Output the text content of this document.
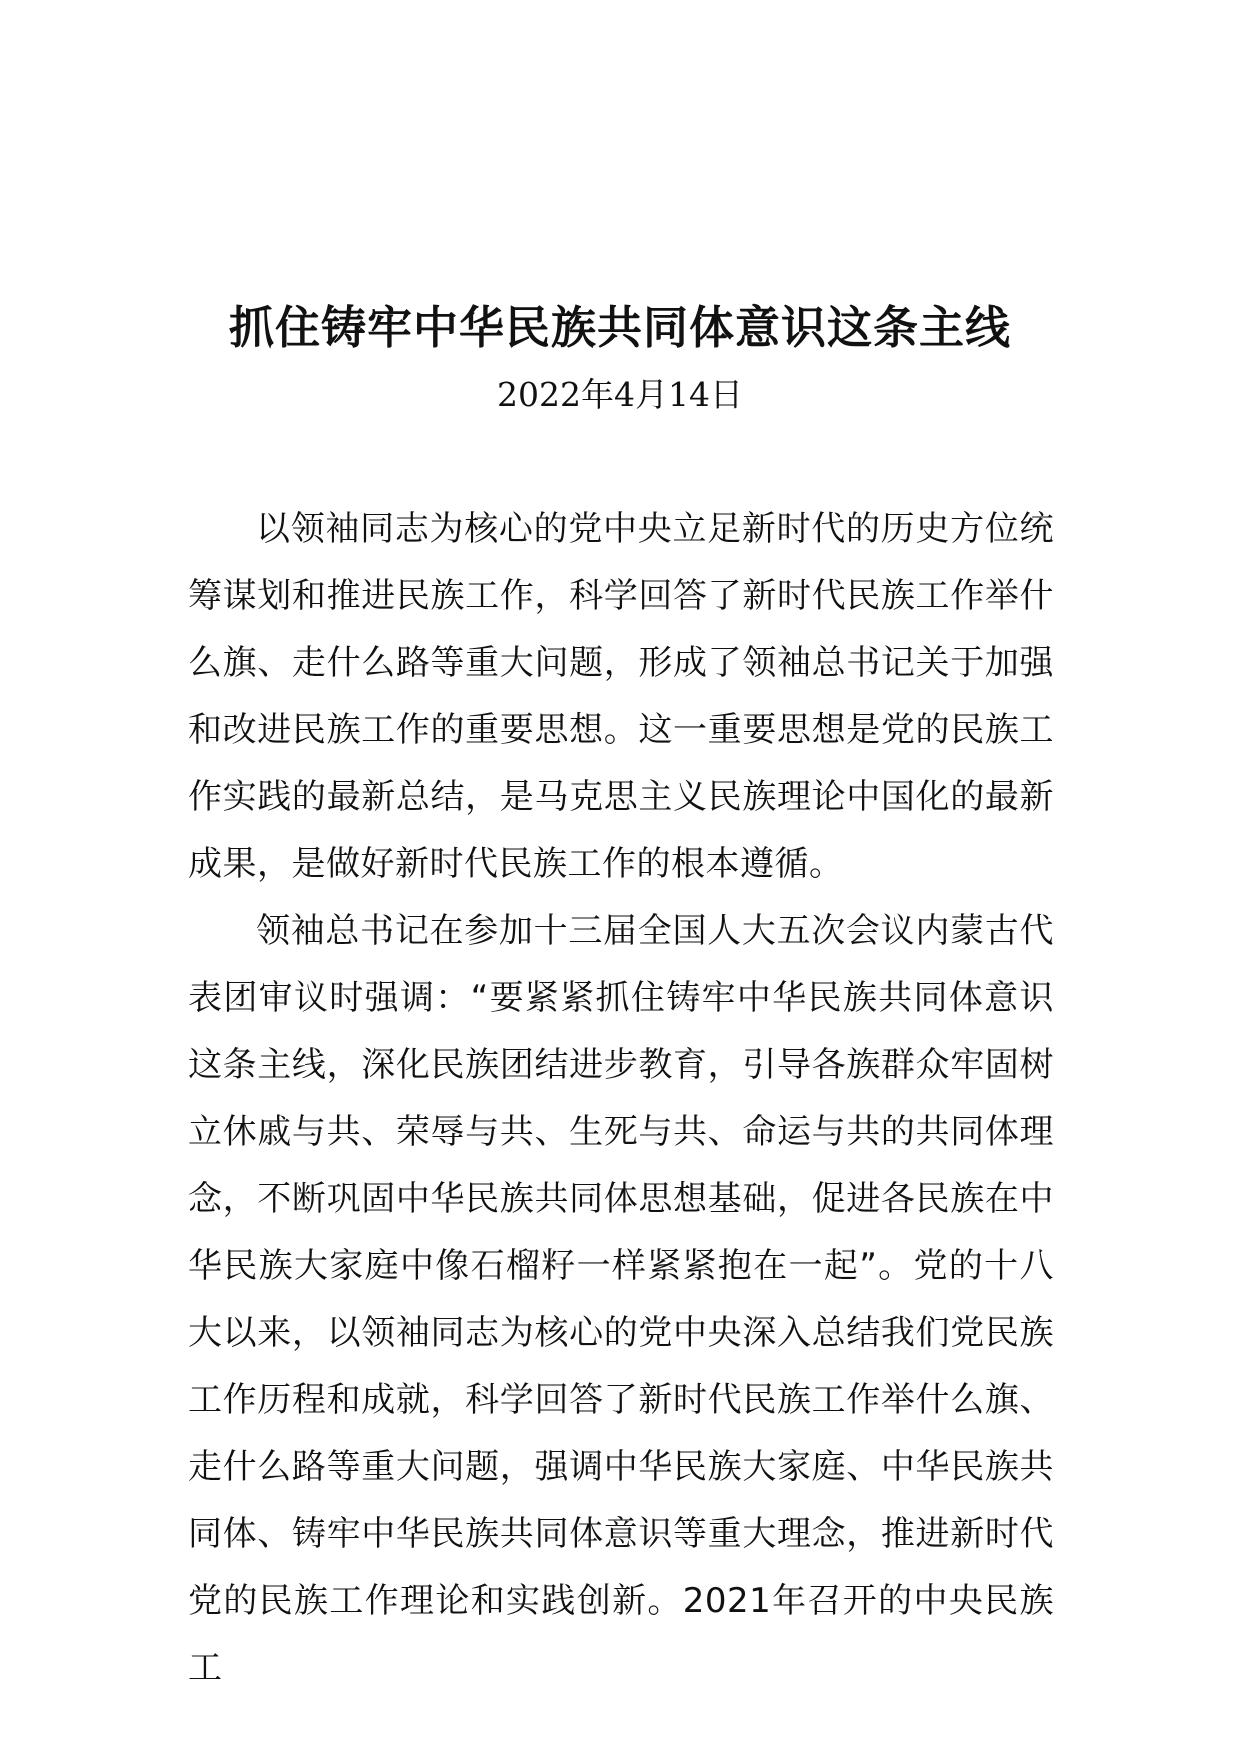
抓住铸牢中华民族共同体意识这条主线
2022年4月14日

以领袖同志为核心的党中央立足新时代的历史方位统筹谋划和推进民族工作，科学回答了新时代民族工作举什么旗、走什么路等重大问题，形成了领袖总书记关于加强和改进民族工作的重要思想。这一重要思想是党的民族工作实践的最新总结，是马克思主义民族理论中国化的最新成果，是做好新时代民族工作的根本遵循。

领袖总书记在参加十三届全国人大五次会议内蒙古代表团审议时强调：“要紧紧抓住铸牢中华民族共同体意识这条主线，深化民族团结进步教育，引导各族群众牢固树立休戚与共、荣辱与共、生死与共、命运与共的共同体理念，不断巩固中华民族共同体思想基础，促进各民族在中华民族大家庭中像石榴籽一样紧紧抱在一起”。党的十八大以来，以领袖同志为核心的党中央深入总结我们党民族工作历程和成就，科学回答了新时代民族工作举什么旗、走什么路等重大问题，强调中华民族大家庭、中华民族共同体、铸牢中华民族共同体意识等重大理念，推进新时代党的民族工作理论和实践创新。2021年召开的中央民族工
